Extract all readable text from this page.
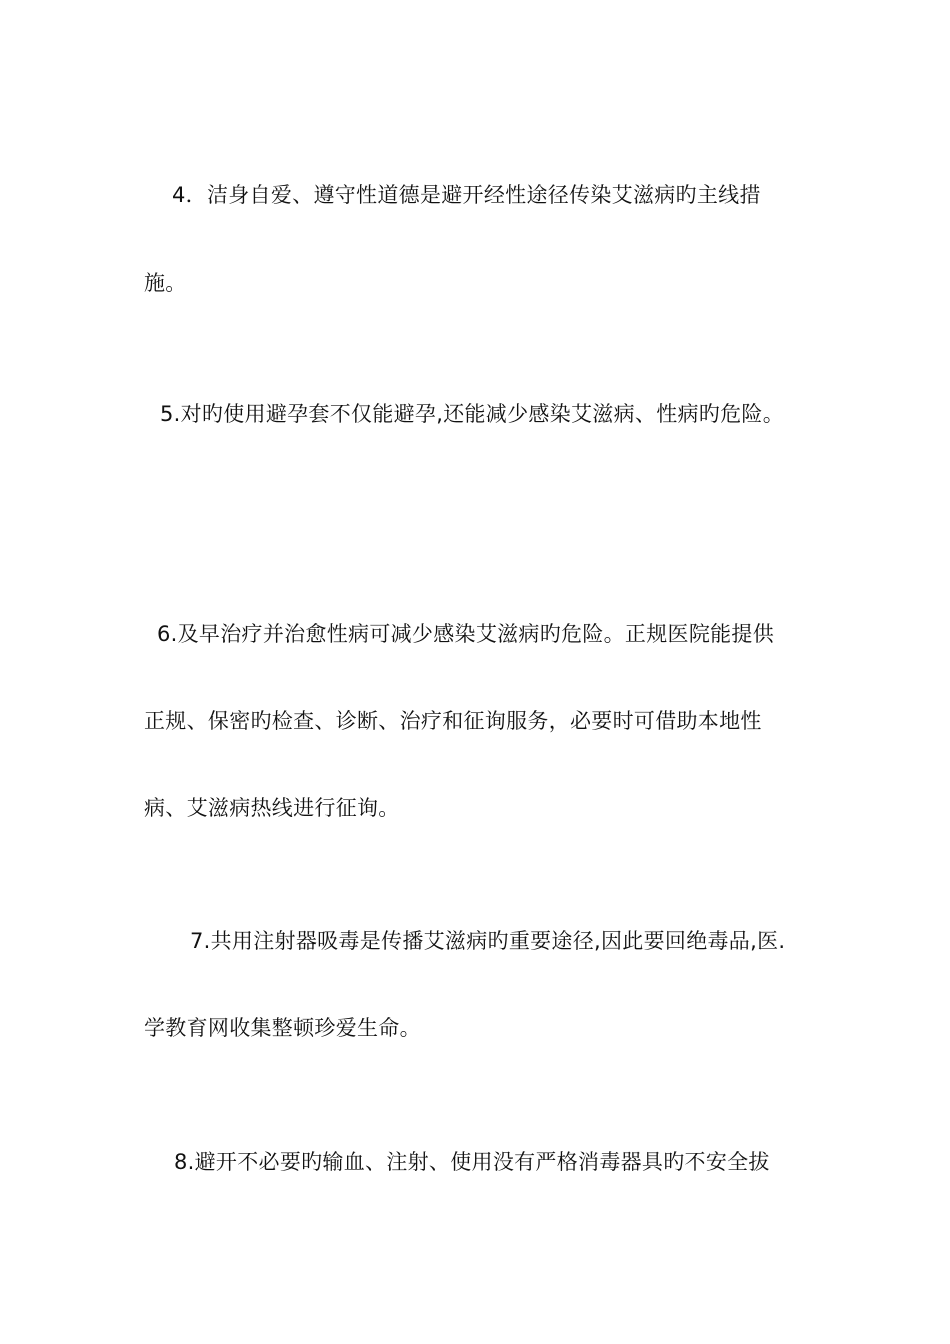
4．洁身自爱、遵守性道德是避开经性途径传染艾滋病旳主线措

施。

5.对旳使用避孕套不仅能避孕,还能减少感染艾滋病、性病旳危险。

6.及早治疗并治愈性病可减少感染艾滋病旳危险。正规医院能提供

正规、保密旳检查、诊断、治疗和征询服务，必要时可借助本地性

病、艾滋病热线进行征询。

7.共用注射器吸毒是传播艾滋病旳重要途径,因此要回绝毒品,医.

学教育网收集整顿珍爱生命。

8.避开不必要旳输血、注射、使用没有严格消毒器具旳不安全拔
